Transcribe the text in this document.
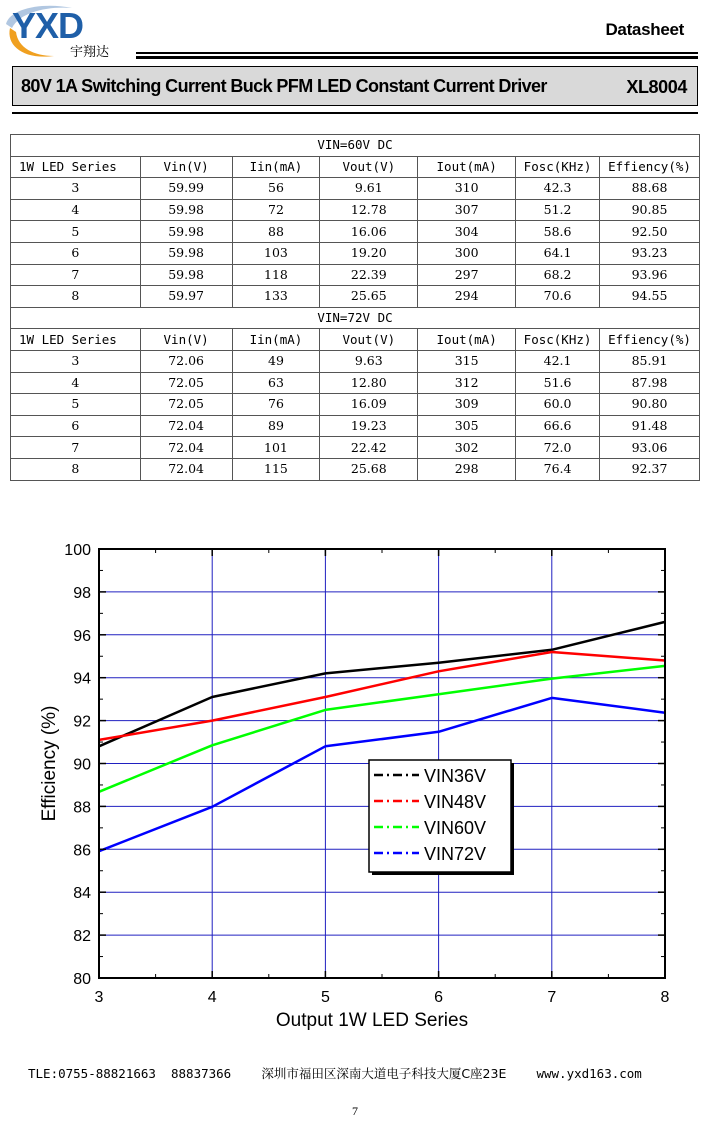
YXD
宇翔达
Datasheet
80V 1A Switching Current Buck PFM LED Constant Current Driver	XL8004
VIN=60V DC						
1W LED Series	Vin(V)	Iin(mA)	Vout(V)	Iout(mA)	Fosc(KHz)	Effiency(%)
3	59.99	56	9.61	310	42.3	88.68
4	59.98	72	12.78	307	51.2	90.85
5	59.98	88	16.06	304	58.6	92.50
6	59.98	103	19.20	300	64.1	93.23
7	59.98	118	22.39	297	68.2	93.96
8	59.97	133	25.65	294	70.6	94.55
VIN=72V DC						
1W LED Series	Vin(V)	Iin(mA)	Vout(V)	Iout(mA)	Fosc(KHz)	Effiency(%)
3	72.06	49	9.63	315	42.1	85.91
4	72.05	63	12.80	312	51.6	87.98
5	72.05	76	16.09	309	60.0	90.80
6	72.04	89	19.23	305	66.6	91.48
7	72.04	101	22.42	302	72.0	93.06
8	72.04	115	25.68	298	76.4	92.37
80
82
84
86
88
90
92
94
96
98
100
3	4	5	6	7	8
Output 1W LED Series
Efficiency (%)	VIN36V
VIN48V
VIN60V
VIN72V
TLE:0755-88821663  88837366 深圳市福田区深南大道电子科技大厦C座23E www.yxd163.com
7
